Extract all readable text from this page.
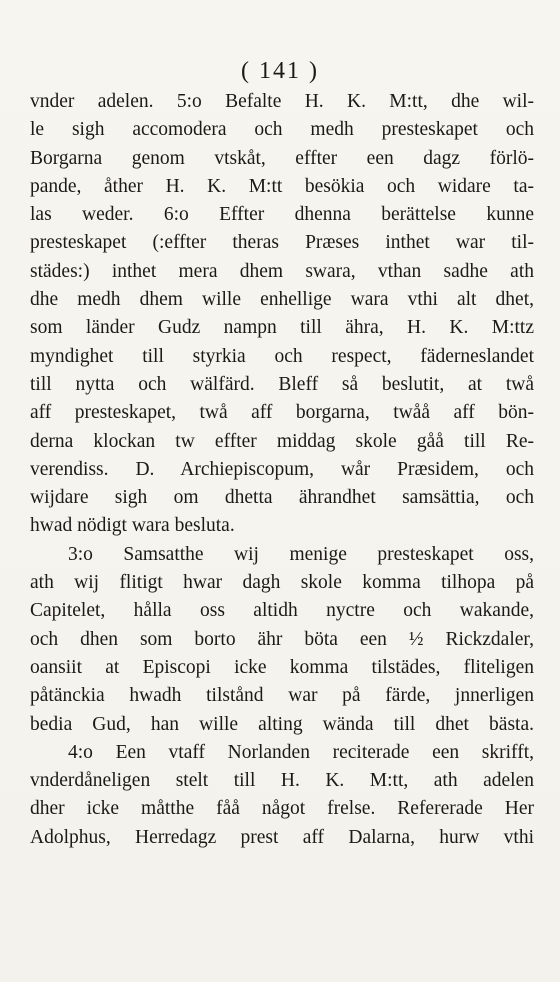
( 141 )
vnder adelen. 5:o Befalte H. K. M:tt, dhe wil-
le sigh accomodera och medh presteskapet och
Borgarna genom vtskåt, effter een dagz förlö-
pande, åther H. K. M:tt besökia och widare ta-
las weder. 6:o Effter dhenna berättelse kunne
presteskapet (:effter theras Præses inthet war til-
städes:) inthet mera dhem swara, vthan sadhe ath
dhe medh dhem wille enhellige wara vthi alt dhet,
som länder Gudz nampn till ähra, H. K. M:ttz
myndighet till styrkia och respect, fäderneslandet
till nytta och wälfärd. Bleff så beslutit, at twå
aff presteskapet, twå aff borgarna, twåå aff bön-
derna klockan tw effter middag skole gåå till Re-
verendiss. D. Archiepiscopum, wår Præsidem, och
wijdare sigh om dhetta ährandhet samsättia, och
hwad nödigt wara besluta.
3:o Samsatthe wij menige presteskapet oss,
ath wij flitigt hwar dagh skole komma tilhopa på
Capitelet, hålla oss altidh nyctre och wakande,
och dhen som borto ähr böta een ½ Rickzdaler,
oansiit at Episcopi icke komma tilstädes, fliteligen
påtänckia hwadh tilstånd war på färde, jnnerligen
bedia Gud, han wille alting wända till dhet bästa.
4:o Een vtaff Norlanden reciterade een skrifft,
vnderdåneligen stelt till H. K. M:tt, ath adelen
dher icke måtthe fåå något frelse. Refererade Her
Adolphus, Herredagz prest aff Dalarna, hurw vthi
